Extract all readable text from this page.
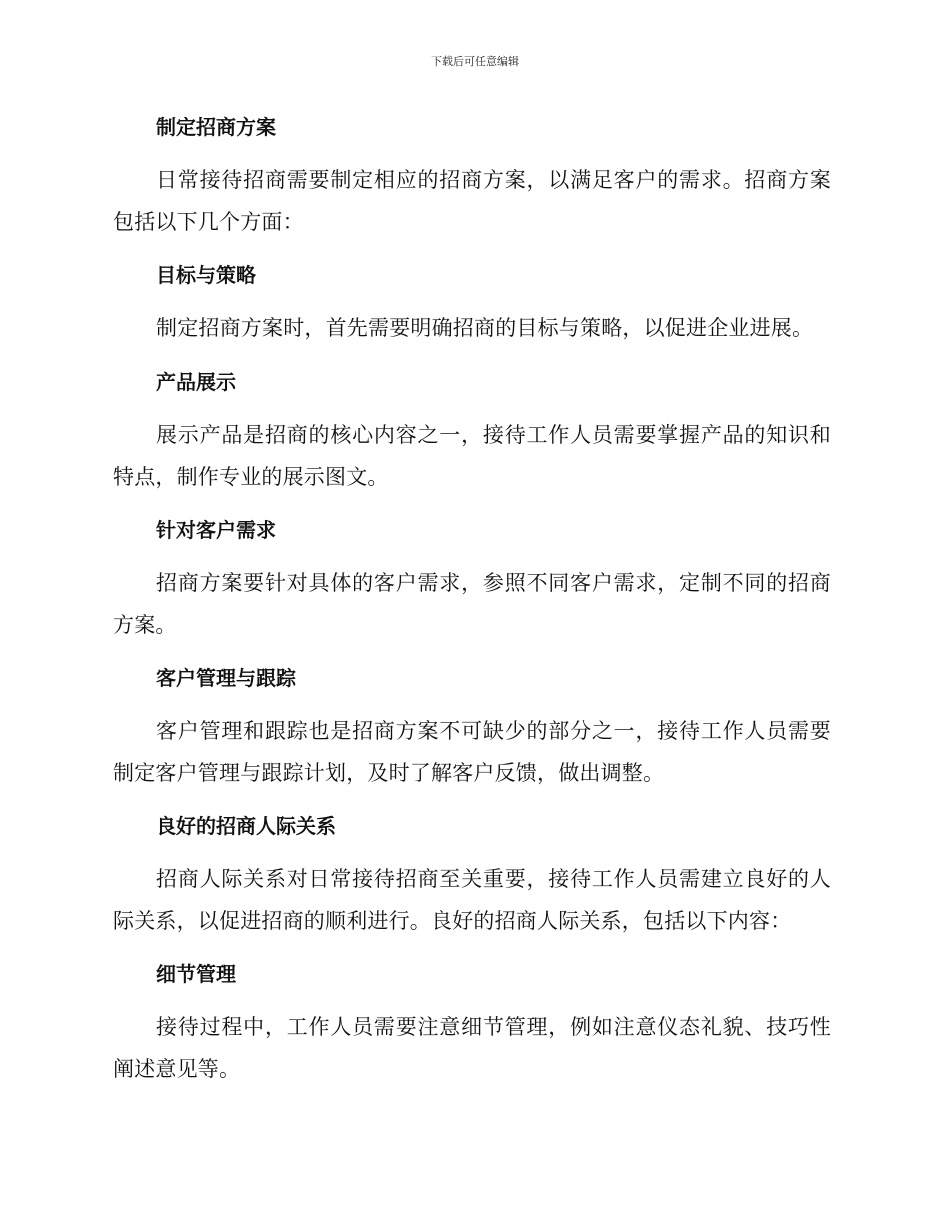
下载后可任意编辑
制定招商方案

日常接待招商需要制定相应的招商方案，以满足客户的需求。招商方案包括以下几个方面：

目标与策略

制定招商方案时，首先需要明确招商的目标与策略，以促进企业进展。

产品展示

展示产品是招商的核心内容之一，接待工作人员需要掌握产品的知识和特点，制作专业的展示图文。

针对客户需求

招商方案要针对具体的客户需求，参照不同客户需求，定制不同的招商方案。

客户管理与跟踪

客户管理和跟踪也是招商方案不可缺少的部分之一，接待工作人员需要制定客户管理与跟踪计划，及时了解客户反馈，做出调整。

良好的招商人际关系

招商人际关系对日常接待招商至关重要，接待工作人员需建立良好的人际关系，以促进招商的顺利进行。良好的招商人际关系，包括以下内容：

细节管理

接待过程中，工作人员需要注意细节管理，例如注意仪态礼貌、技巧性阐述意见等。
